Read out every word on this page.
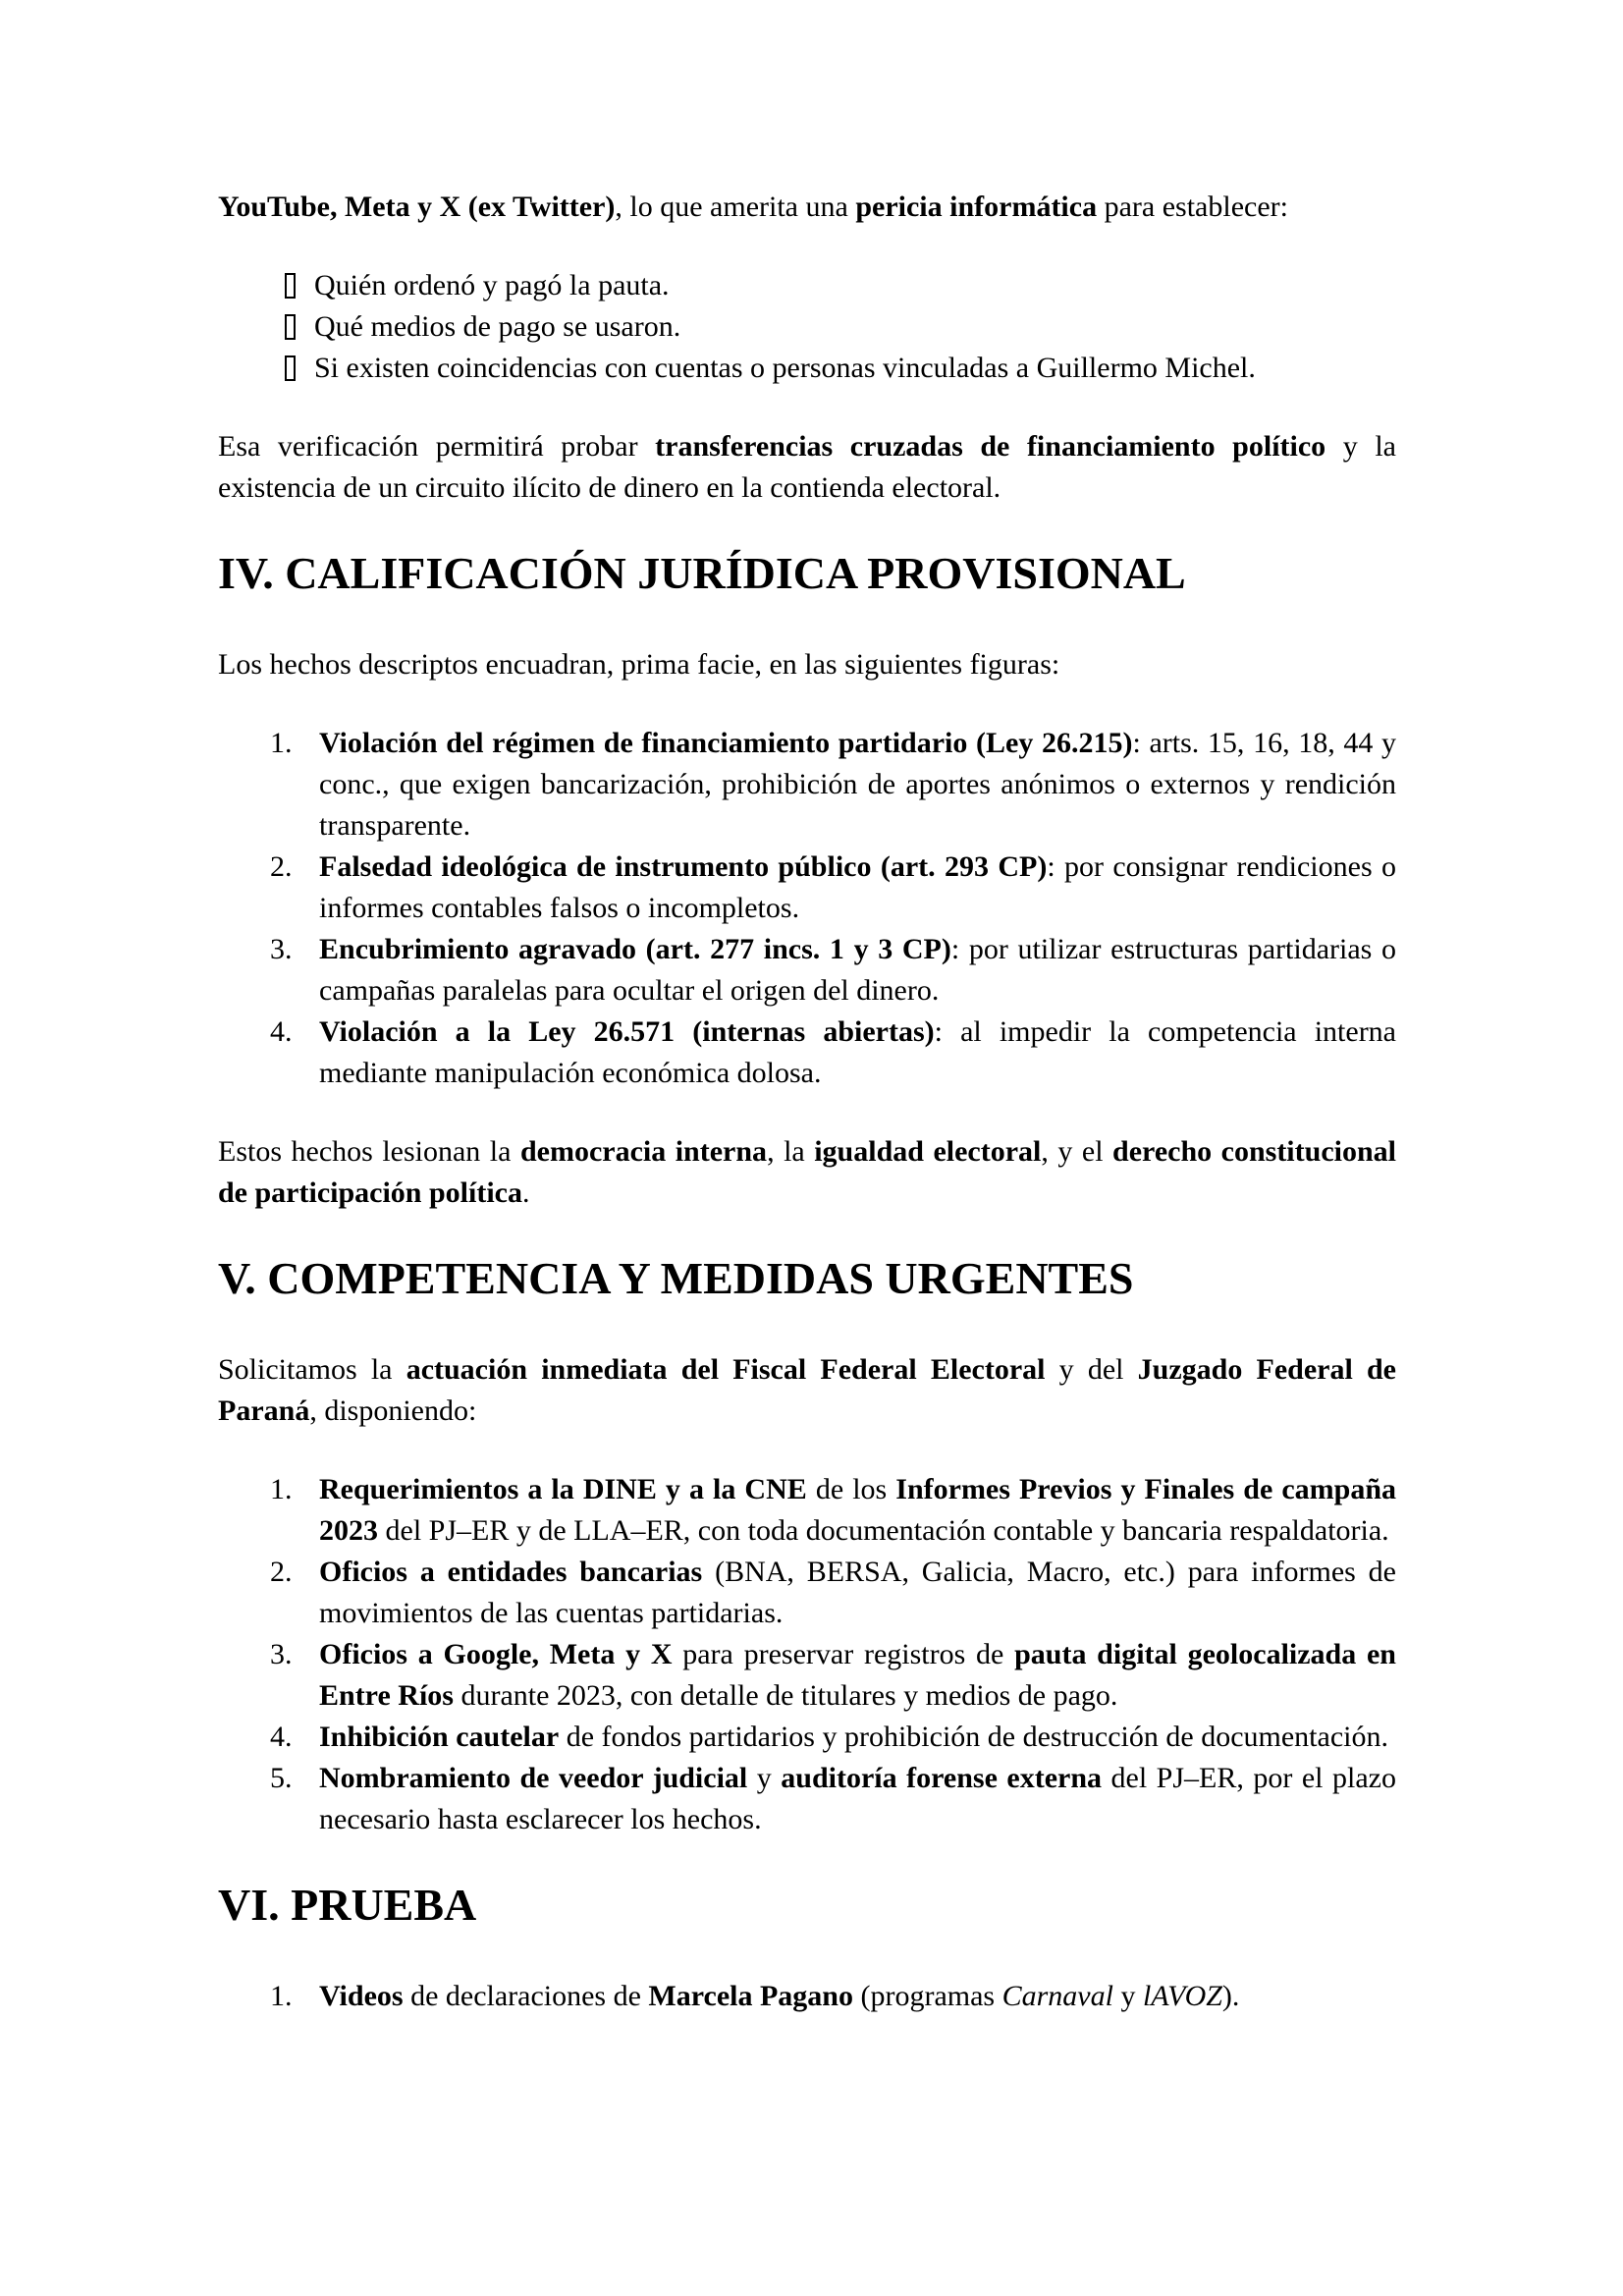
YouTube, Meta y X (ex Twitter), lo que amerita una pericia informática para establecer:

Quién ordenó y pagó la pauta.
Qué medios de pago se usaron.
Si existen coincidencias con cuentas o personas vinculadas a Guillermo Michel.

Esa verificación permitirá probar transferencias cruzadas de financiamiento político y la existencia de un circuito ilícito de dinero en la contienda electoral.

IV. CALIFICACIÓN JURÍDICA PROVISIONAL

Los hechos descriptos encuadran, prima facie, en las siguientes figuras:

1. Violación del régimen de financiamiento partidario (Ley 26.215): arts. 15, 16, 18, 44 y conc., que exigen bancarización, prohibición de aportes anónimos o externos y rendición transparente.
2. Falsedad ideológica de instrumento público (art. 293 CP): por consignar rendiciones o informes contables falsos o incompletos.
3. Encubrimiento agravado (art. 277 incs. 1 y 3 CP): por utilizar estructuras partidarias o campañas paralelas para ocultar el origen del dinero.
4. Violación a la Ley 26.571 (internas abiertas): al impedir la competencia interna mediante manipulación económica dolosa.

Estos hechos lesionan la democracia interna, la igualdad electoral, y el derecho constitucional de participación política.

V. COMPETENCIA Y MEDIDAS URGENTES

Solicitamos la actuación inmediata del Fiscal Federal Electoral y del Juzgado Federal de Paraná, disponiendo:

1. Requerimientos a la DINE y a la CNE de los Informes Previos y Finales de campaña 2023 del PJ–ER y de LLA–ER, con toda documentación contable y bancaria respaldatoria.
2. Oficios a entidades bancarias (BNA, BERSA, Galicia, Macro, etc.) para informes de movimientos de las cuentas partidarias.
3. Oficios a Google, Meta y X para preservar registros de pauta digital geolocalizada en Entre Ríos durante 2023, con detalle de titulares y medios de pago.
4. Inhibición cautelar de fondos partidarios y prohibición de destrucción de documentación.
5. Nombramiento de veedor judicial y auditoría forense externa del PJ–ER, por el plazo necesario hasta esclarecer los hechos.
VI. PRUEBA
1. Videos de declaraciones de Marcela Pagano (programas Carnaval y lAVOZ).
